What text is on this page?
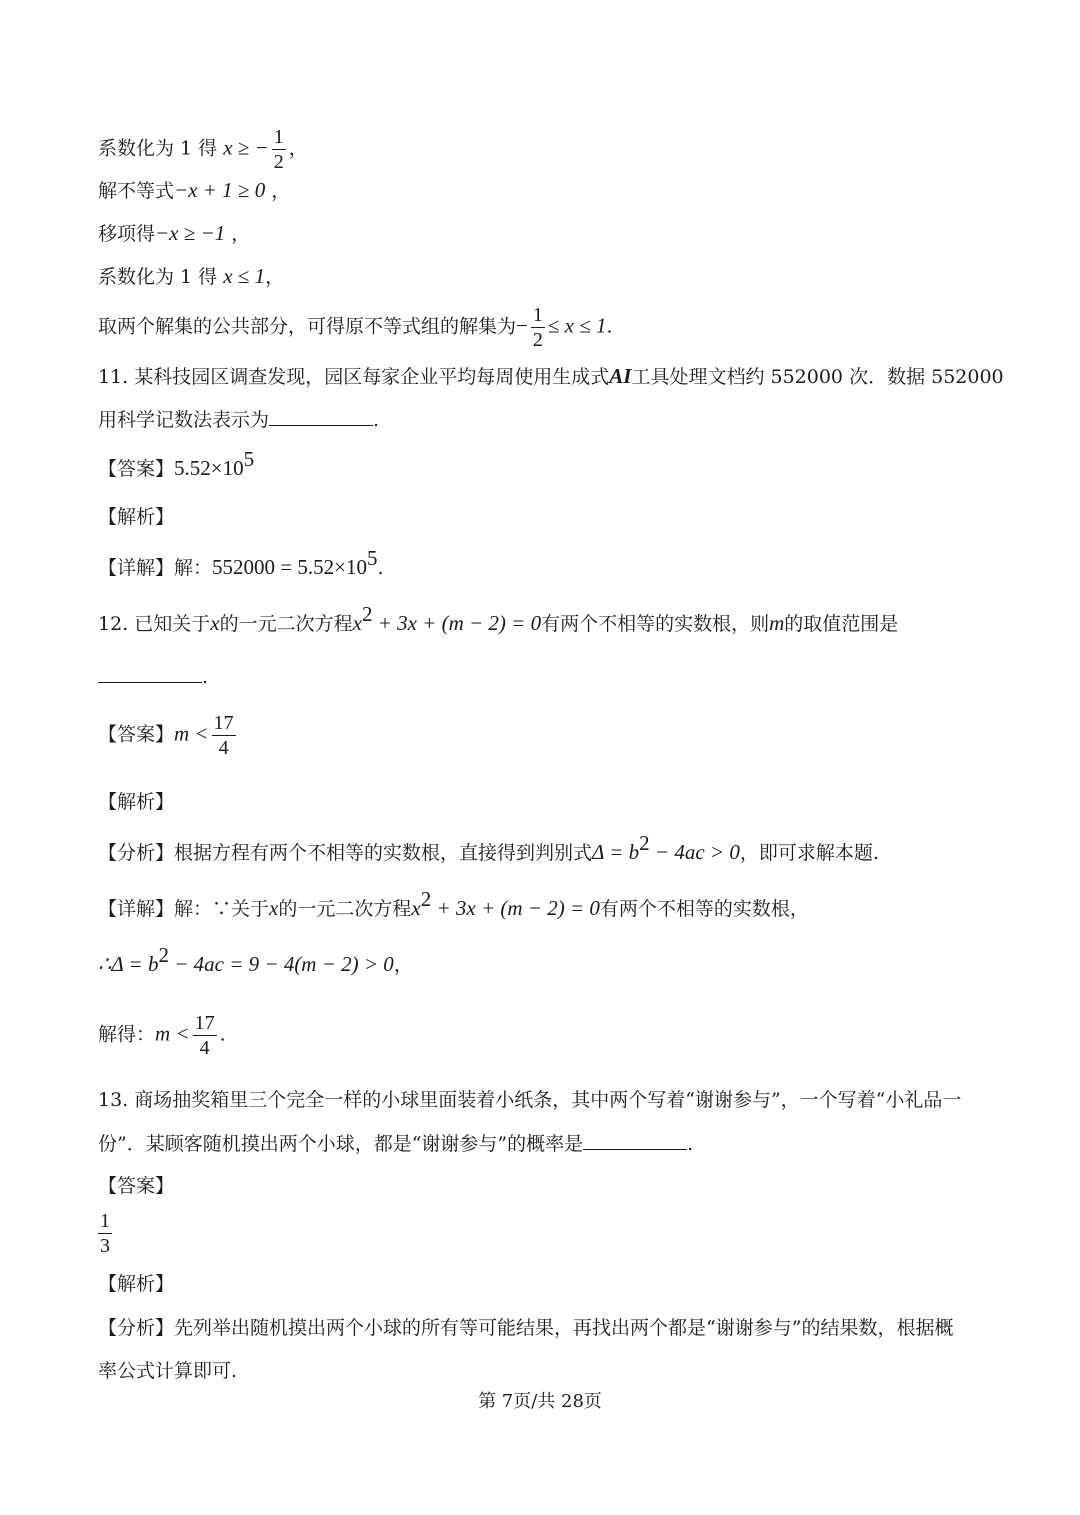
系数化为 1 得 x ≥ − $\frac{1}{2}$ ，
解不等式−x + 1 ≥ 0 ，
移项得−x ≥ −1 ，
系数化为 1 得 x ≤ 1，
取两个解集的公共部分，可得原不等式组的解集为− $\frac{1}{2} \le x \le 1$.
11. 某科技园区调查发现，园区每家企业平均每周使用生成式AI工具处理文档约 552000 次．数据 552000
用科学记数法表示为	.
【答案】$5.52\times 10^5$
【解析】
【详解】解：$552000 = 5.52\times 10^5$.
12. 已知关于x的一元二次方程$x^2 + 3x + (m - 2) = 0$有两个不相等的实数根，则m的取值范围是
.
【答案】$m < \frac{17}{4}$
【解析】
【分析】根据方程有两个不相等的实数根，直接得到判别式$\Delta = b^2 - 4ac > 0$，即可求解本题.
【详解】解：∵关于x的一元二次方程$x^2 + 3x + (m - 2) = 0$有两个不相等的实数根，
∴Δ = $b^2 - 4ac = 9 - 4(m - 2) > 0$，
解得：$m < \frac{17}{4}$ .
13. 商场抽奖箱里三个完全一样的小球里面装着小纸条，其中两个写着“谢谢参与”，一个写着“小礼品一
份”．某顾客随机摸出两个小球，都是“谢谢参与”的概率是	.
【答案】
$\frac{1}{3}$
【解析】
【分析】先列举出随机摸出两个小球的所有等可能结果，再找出两个都是“谢谢参与”的结果数，根据概
率公式计算即可.
第 7页/共 28页
